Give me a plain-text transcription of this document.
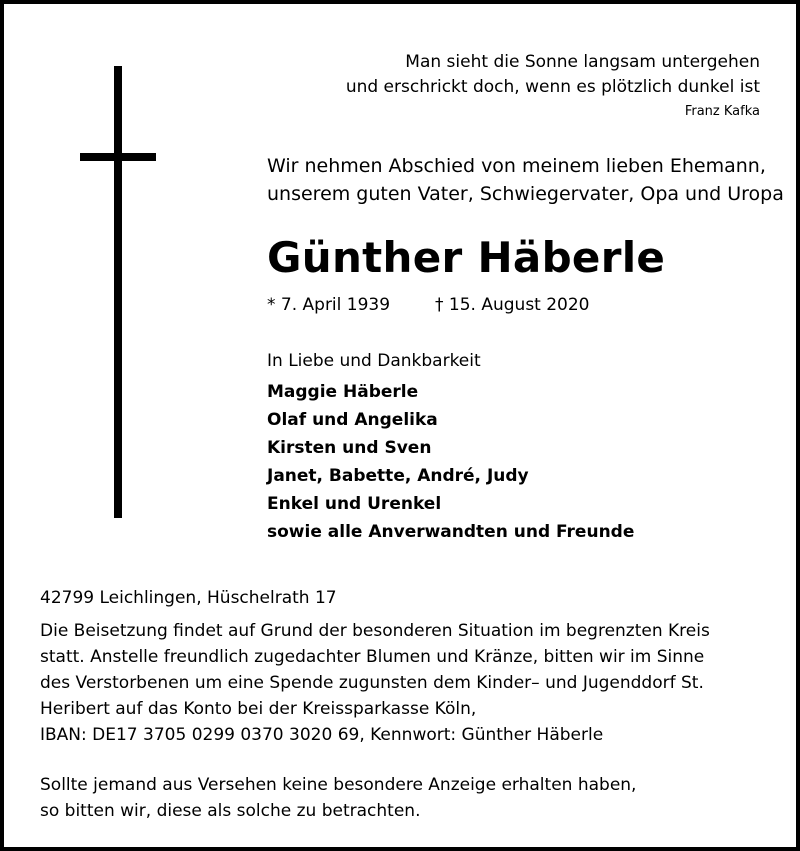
Man sieht die Sonne langsam untergehen
und erschrickt doch, wenn es plötzlich dunkel ist
Franz Kafka
Wir nehmen Abschied von meinem lieben Ehemann,
unserem guten Vater, Schwiegervater, Opa und Uropa
Günther Häberle
* 7. April 1939	† 15. August 2020
In Liebe und Dankbarkeit
Maggie Häberle
Olaf und Angelika
Kirsten und Sven
Janet, Babette, André, Judy
Enkel und Urenkel
sowie alle Anverwandten und Freunde
42799 Leichlingen, Hüschelrath 17
Die Beisetzung findet auf Grund der besonderen Situation im begrenzten Kreis
statt. Anstelle freundlich zugedachter Blumen und Kränze, bitten wir im Sinne
des Verstorbenen um eine Spende zugunsten dem Kinder– und Jugenddorf St.
Heribert auf das Konto bei der Kreissparkasse Köln,
IBAN: DE17 3705 0299 0370 3020 69, Kennwort: Günther Häberle
Sollte jemand aus Versehen keine besondere Anzeige erhalten haben,
so bitten wir, diese als solche zu betrachten.
